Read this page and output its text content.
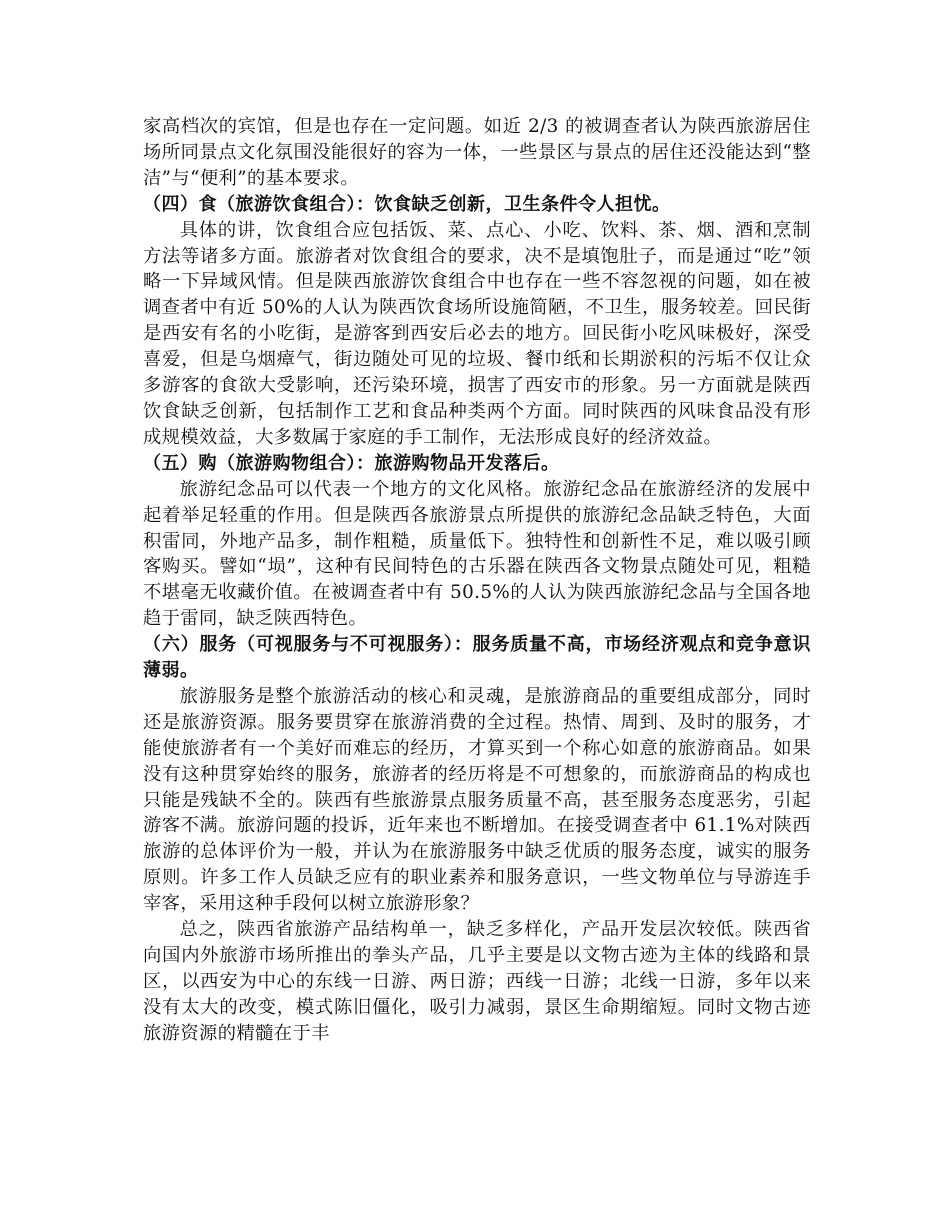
家高档次的宾馆，但是也存在一定问题。如近 2/3 的被调查者认为陕西旅游居住场所同景点文化氛围没能很好的容为一体，一些景区与景点的居住还没能达到“整洁”与“便利”的基本要求。

（四）食（旅游饮食组合）：饮食缺乏创新，卫生条件令人担忧。

具体的讲，饮食组合应包括饭、菜、点心、小吃、饮料、茶、烟、酒和烹制方法等诸多方面。旅游者对饮食组合的要求，决不是填饱肚子，而是通过“吃”领略一下异域风情。但是陕西旅游饮食组合中也存在一些不容忽视的问题，如在被调查者中有近 50%的人认为陕西饮食场所设施简陋，不卫生，服务较差。回民街是西安有名的小吃街，是游客到西安后必去的地方。回民街小吃风味极好，深受喜爱，但是乌烟瘴气，街边随处可见的垃圾、餐巾纸和长期淤积的污垢不仅让众多游客的食欲大受影响，还污染环境，损害了西安市的形象。另一方面就是陕西饮食缺乏创新，包括制作工艺和食品种类两个方面。同时陕西的风味食品没有形成规模效益，大多数属于家庭的手工制作，无法形成良好的经济效益。

（五）购（旅游购物组合）：旅游购物品开发落后。

旅游纪念品可以代表一个地方的文化风格。旅游纪念品在旅游经济的发展中起着举足轻重的作用。但是陕西各旅游景点所提供的旅游纪念品缺乏特色，大面积雷同，外地产品多，制作粗糙，质量低下。独特性和创新性不足，难以吸引顾客购买。譬如“埙”，这种有民间特色的古乐器在陕西各文物景点随处可见，粗糙不堪毫无收藏价值。在被调查者中有 50.5%的人认为陕西旅游纪念品与全国各地趋于雷同，缺乏陕西特色。

（六）服务（可视服务与不可视服务）：服务质量不高，市场经济观点和竞争意识薄弱。

旅游服务是整个旅游活动的核心和灵魂，是旅游商品的重要组成部分，同时还是旅游资源。服务要贯穿在旅游消费的全过程。热情、周到、及时的服务，才能使旅游者有一个美好而难忘的经历，才算买到一个称心如意的旅游商品。如果没有这种贯穿始终的服务，旅游者的经历将是不可想象的，而旅游商品的构成也只能是残缺不全的。陕西有些旅游景点服务质量不高，甚至服务态度恶劣，引起游客不满。旅游问题的投诉，近年来也不断增加。在接受调查者中 61.1%对陕西旅游的总体评价为一般，并认为在旅游服务中缺乏优质的服务态度，诚实的服务原则。许多工作人员缺乏应有的职业素养和服务意识，一些文物单位与导游连手宰客，采用这种手段何以树立旅游形象？

总之，陕西省旅游产品结构单一，缺乏多样化，产品开发层次较低。陕西省向国内外旅游市场所推出的拳头产品，几乎主要是以文物古迹为主体的线路和景区，以西安为中心的东线一日游、两日游；西线一日游；北线一日游，多年以来没有太大的改变，模式陈旧僵化，吸引力减弱，景区生命期缩短。同时文物古迹旅游资源的精髓在于丰
